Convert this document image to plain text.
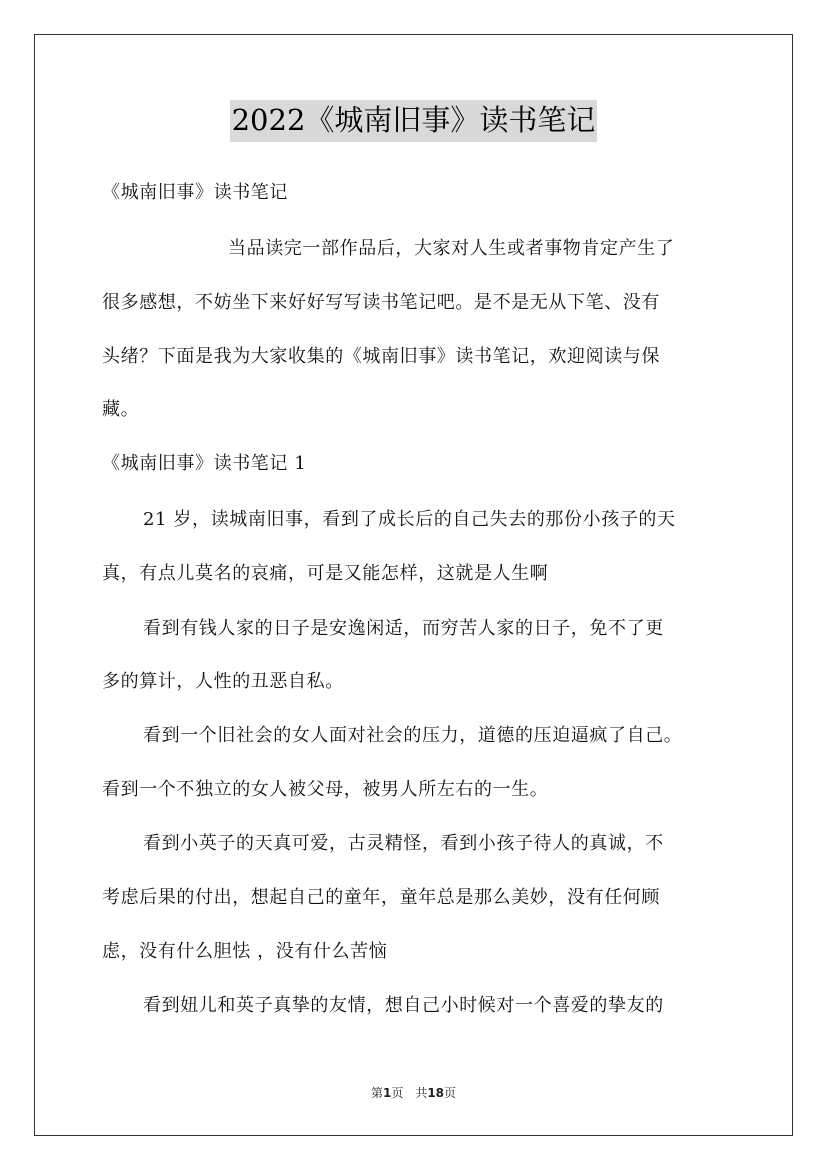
2022《城南旧事》读书笔记
《城南旧事》读书笔记
当品读完一部作品后，大家对人生或者事物肯定产生了
很多感想，不妨坐下来好好写写读书笔记吧。是不是无从下笔、没有
头绪？下面是我为大家收集的《城南旧事》读书笔记，欢迎阅读与保
藏。
《城南旧事》读书笔记 1
21 岁，读城南旧事，看到了成长后的自己失去的那份小孩子的天
真，有点儿莫名的哀痛，可是又能怎样，这就是人生啊
看到有钱人家的日子是安逸闲适，而穷苦人家的日子，免不了更
多的算计，人性的丑恶自私。
看到一个旧社会的女人面对社会的压力，道德的压迫逼疯了自己。
看到一个不独立的女人被父母，被男人所左右的一生。
看到小英子的天真可爱，古灵精怪，看到小孩子待人的真诚，不
考虑后果的付出，想起自己的童年，童年总是那么美妙，没有任何顾
虑，没有什么胆怯 ，没有什么苦恼
看到妞儿和英子真挚的友情，想自己小时候对一个喜爱的挚友的
第1页　共18页
